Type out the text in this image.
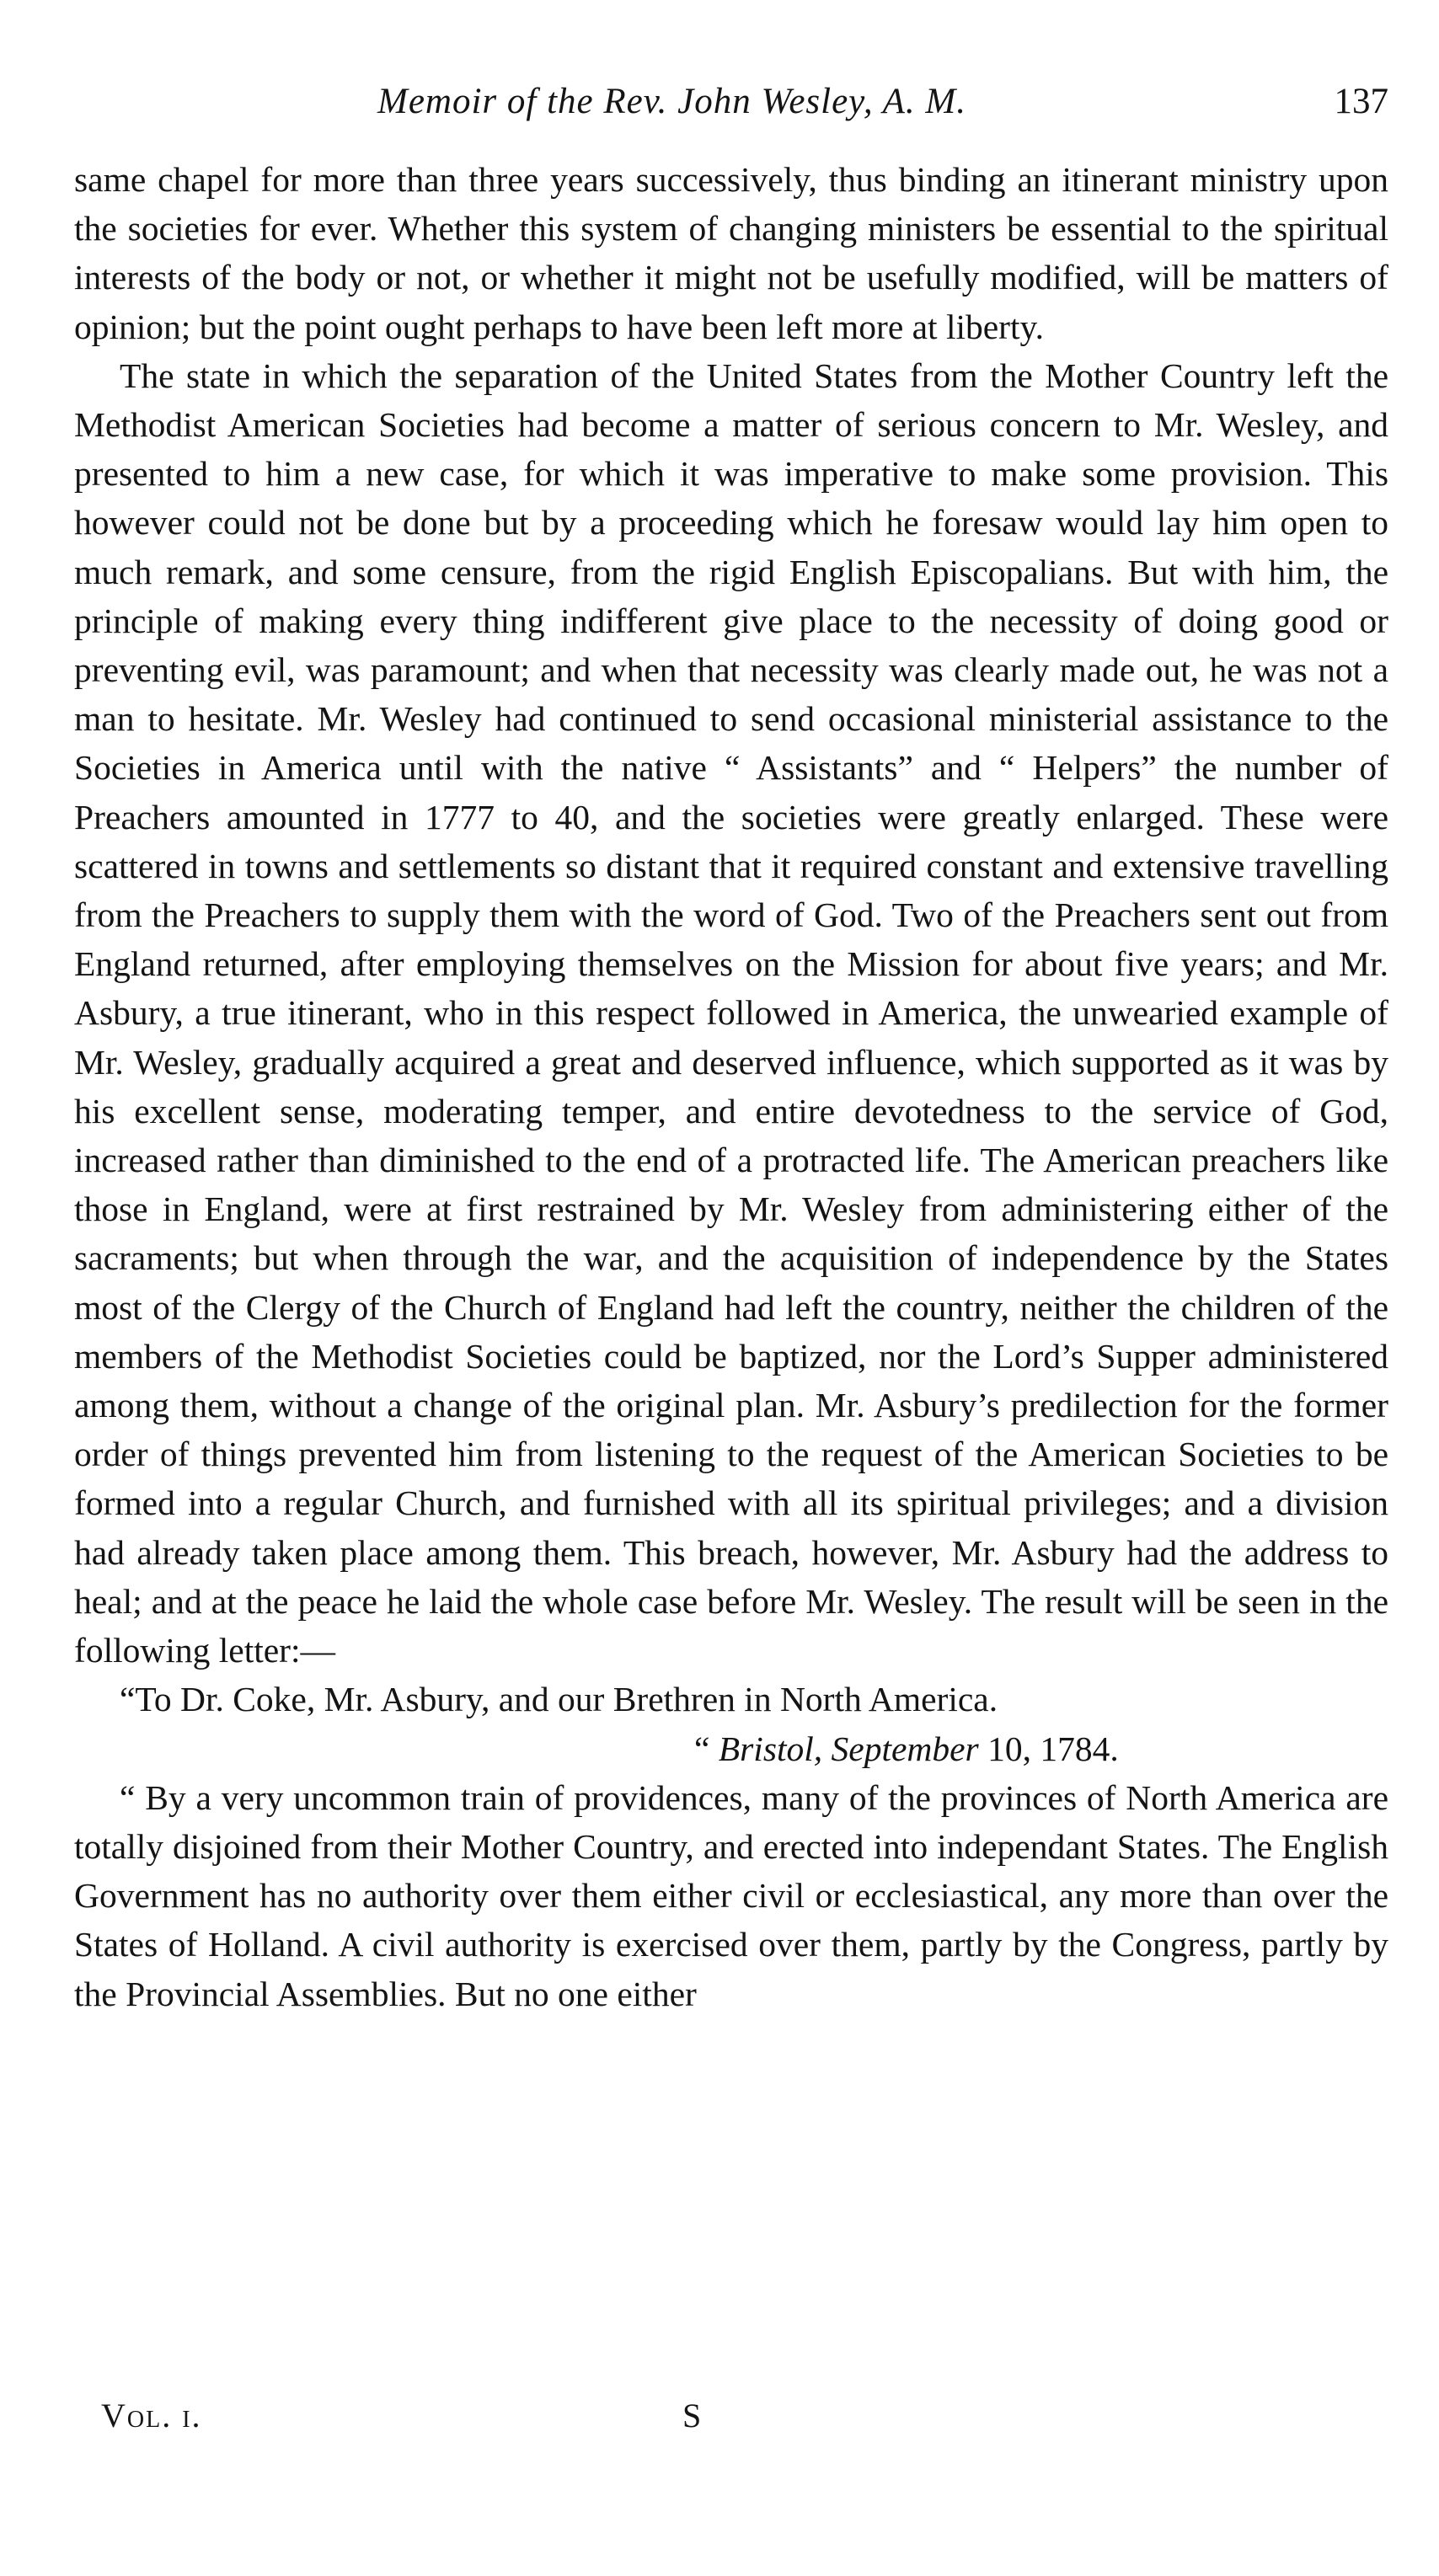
Memoir of the Rev. John Wesley, A. M.	137

same chapel for more than three years successively, thus binding an itinerant ministry upon the societies for ever. Whether this system of changing ministers be essential to the spiritual interests of the body or not, or whether it might not be usefully modified, will be matters of opinion; but the point ought perhaps to have been left more at liberty.

The state in which the separation of the United States from the Mother Country left the Methodist American Societies had become a matter of serious concern to Mr. Wesley, and presented to him a new case, for which it was imperative to make some provision. This however could not be done but by a proceeding which he foresaw would lay him open to much remark, and some censure, from the rigid English Episcopalians. But with him, the principle of making every thing indifferent give place to the necessity of doing good or preventing evil, was paramount; and when that necessity was clearly made out, he was not a man to hesitate. Mr. Wesley had continued to send occasional ministerial assistance to the Societies in America until with the native “ Assistants” and “ Helpers” the number of Preachers amounted in 1777 to 40, and the societies were greatly enlarged. These were scattered in towns and settlements so distant that it required constant and extensive travelling from the Preachers to supply them with the word of God. Two of the Preachers sent out from England returned, after employing themselves on the Mission for about five years; and Mr. Asbury, a true itinerant, who in this respect followed in America, the unwearied example of Mr. Wesley, gradually acquired a great and deserved influence, which supported as it was by his excellent sense, moderating temper, and entire devotedness to the service of God, increased rather than diminished to the end of a protracted life. The American preachers like those in England, were at first restrained by Mr. Wesley from administering either of the sacraments; but when through the war, and the acquisition of independence by the States most of the Clergy of the Church of England had left the country, neither the children of the members of the Methodist Societies could be baptized, nor the Lord’s Supper administered among them, without a change of the original plan. Mr. Asbury’s predilection for the former order of things prevented him from listening to the request of the American Societies to be formed into a regular Church, and furnished with all its spiritual privileges; and a division had already taken place among them. This breach, however, Mr. Asbury had the address to heal; and at the peace he laid the whole case before Mr. Wesley. The result will be seen in the following letter:—

“To Dr. Coke, Mr. Asbury, and our Brethren in North America.

“ Bristol, September 10, 1784.

“ By a very uncommon train of providences, many of the provinces of North America are totally disjoined from their Mother Country, and erected into independant States. The English Government has no authority over them either civil or ecclesiastical, any more than over the States of Holland. A civil authority is exercised over them, partly by the Congress, partly by the Provincial Assemblies. But no one either

Vol. i.	S
